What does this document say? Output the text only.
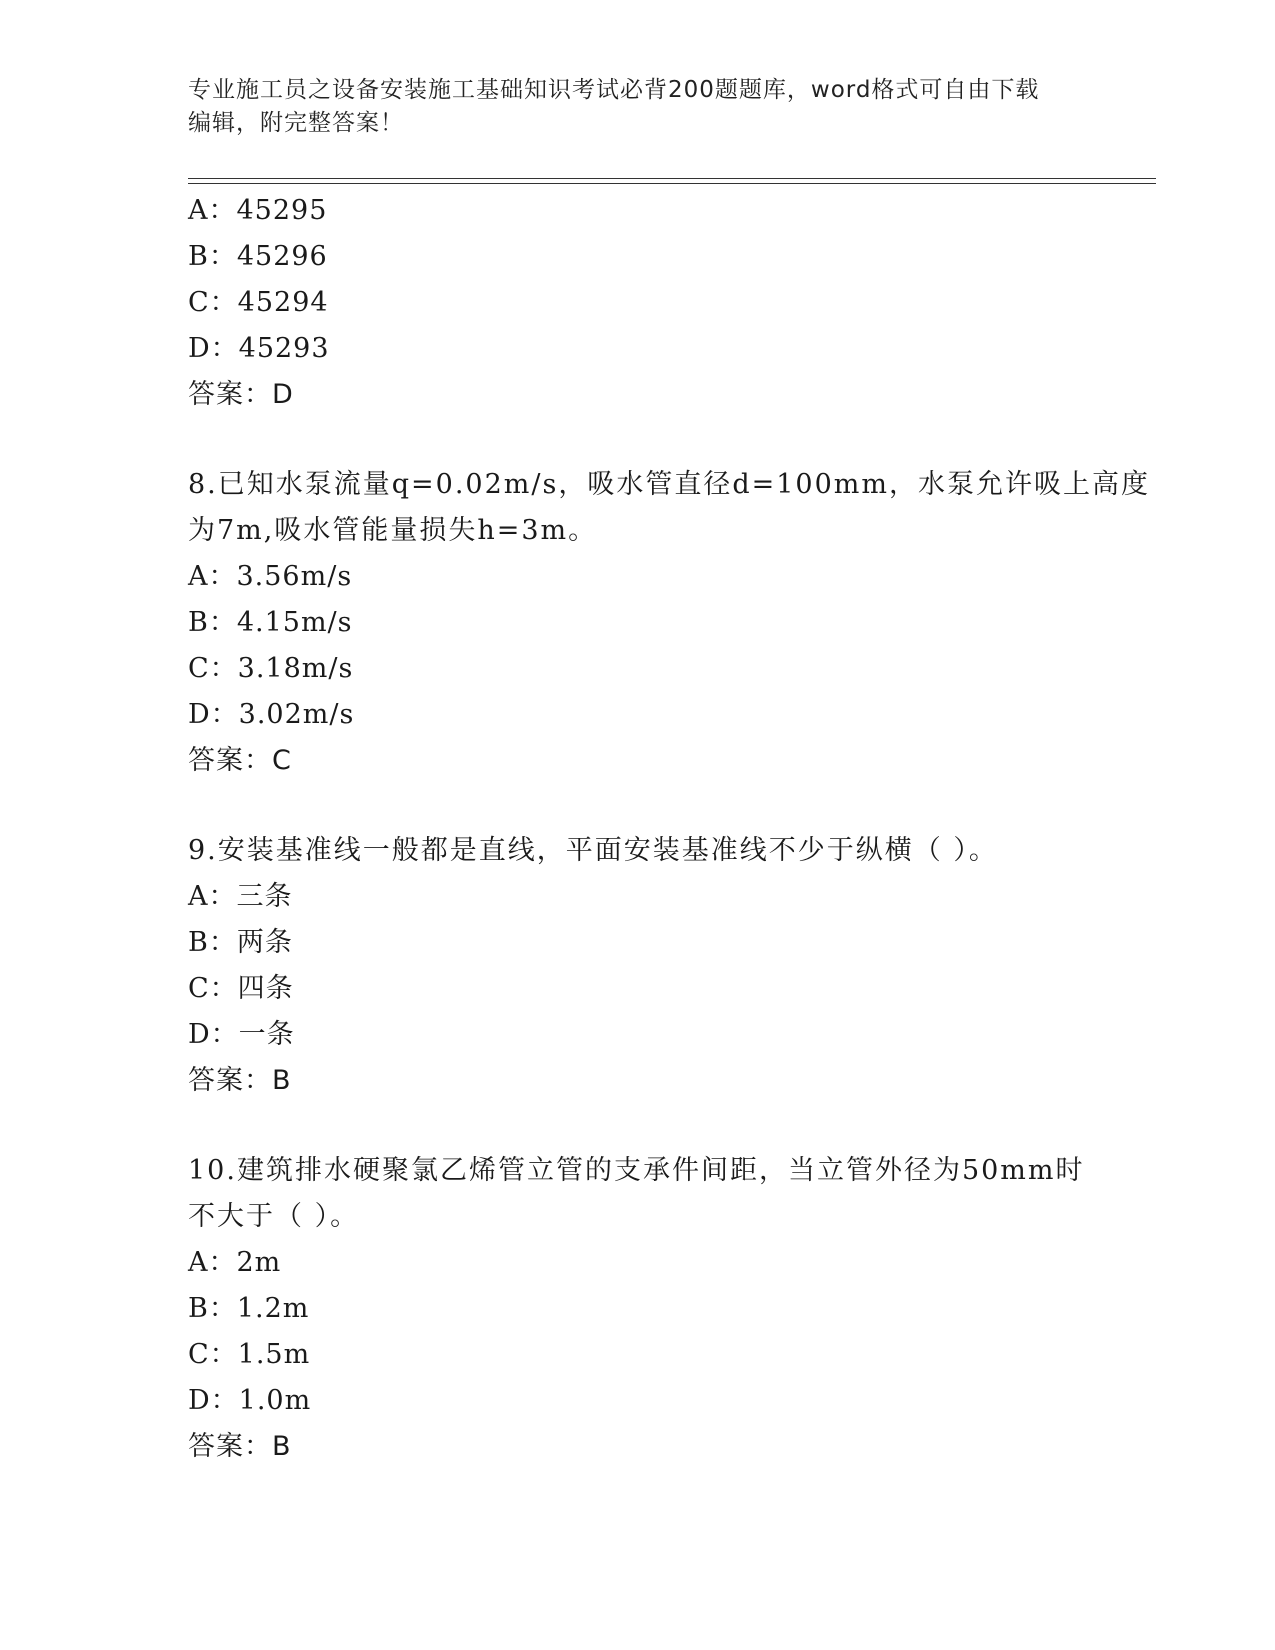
专业施工员之设备安装施工基础知识考试必背200题题库，word格式可自由下载
编辑，附完整答案！
A：45295
B：45296
C：45294
D：45293
答案：D
8.已知水泵流量q=0.02m/s，吸水管直径d=100mm，水泵允许吸上高度
为7m,吸水管能量损失h=3m。
A：3.56m/s
B：4.15m/s
C：3.18m/s
D：3.02m/s
答案：C
9.安装基准线一般都是直线，平面安装基准线不少于纵横（ ）。
A：三条
B：两条
C：四条
D：一条
答案：B
10.建筑排水硬聚氯乙烯管立管的支承件间距，当立管外径为50mm时
不大于（ ）。
A：2m
B：1.2m
C：1.5m
D：1.0m
答案：B
